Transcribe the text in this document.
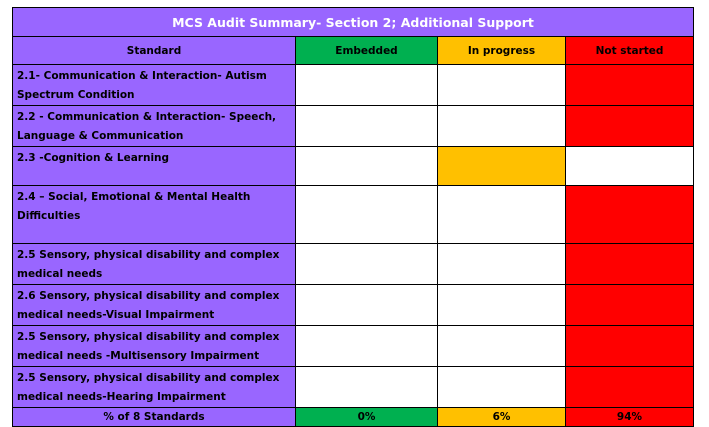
MCS Audit Summary- Section 2; Additional Support			
Standard	Embedded	In progress	Not started
2.1- Communication & Interaction- Autism Spectrum Condition			
2.2 - Communication & Interaction- Speech, Language & Communication			
2.3 -Cognition & Learning			
2.4 – Social, Emotional & Mental Health Difficulties			
2.5 Sensory, physical disability and complex medical needs			
2.6 Sensory, physical disability and complex medical needs-Visual Impairment			
2.5 Sensory, physical disability and complex medical needs -Multisensory Impairment			
2.5 Sensory, physical disability and complex medical needs-Hearing Impairment			
% of 8 Standards	0%	6%	94%
